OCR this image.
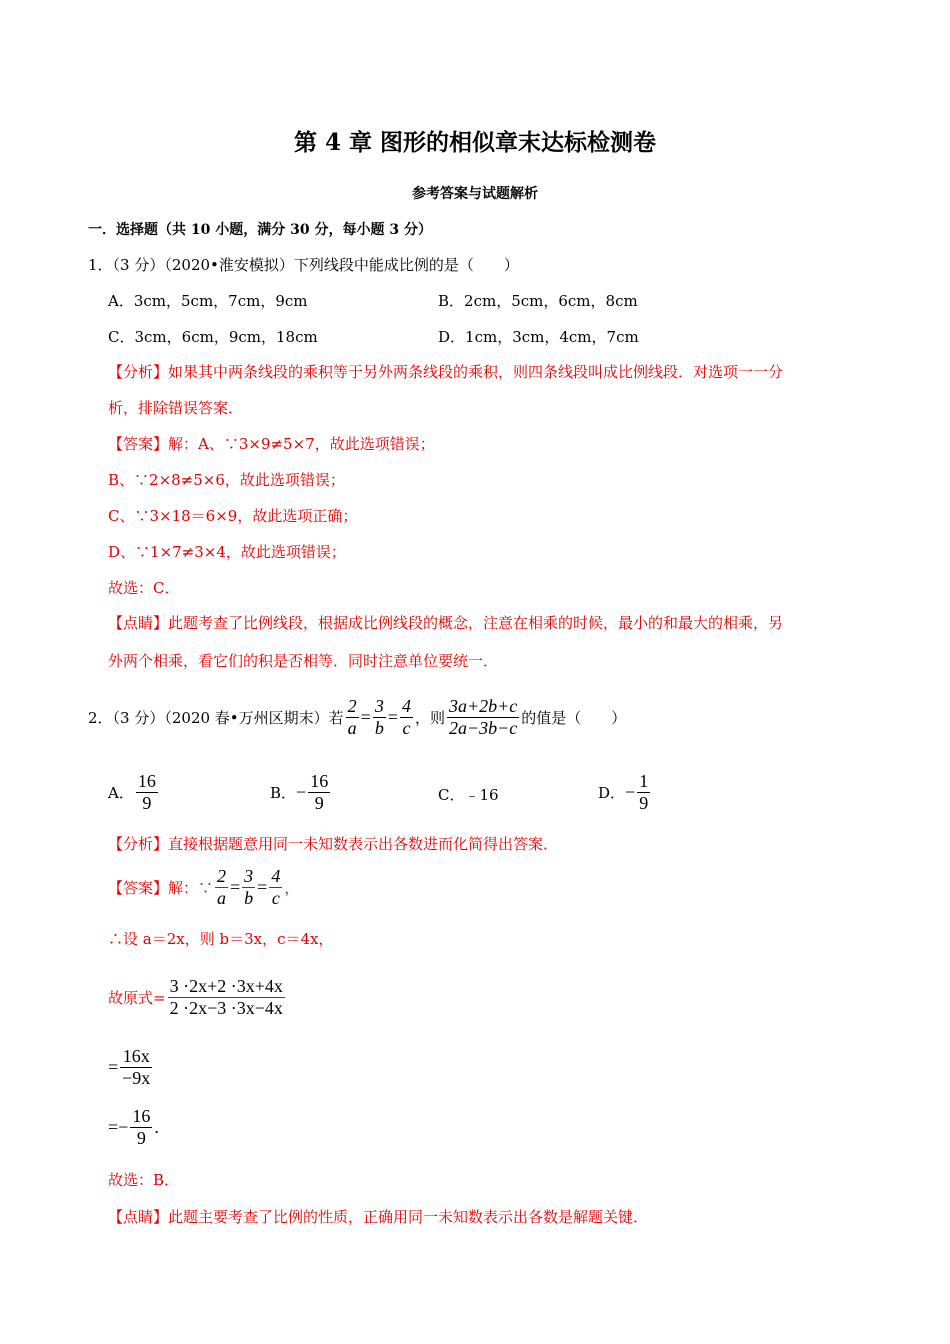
第 4 章 图形的相似章末达标检测卷
参考答案与试题解析
一．选择题（共 10 小题，满分 30 分，每小题 3 分）
1．（3 分）（2020•淮安模拟）下列线段中能成比例的是（　　）
A．3cm，5cm，7cm，9cm	B．2cm，5cm，6cm，8cm
C．3cm，6cm，9cm，18cm	D．1cm，3cm，4cm，7cm
【分析】如果其中两条线段的乘积等于另外两条线段的乘积，则四条线段叫成比例线段．对选项一一分
析，排除错误答案．
【答案】解：A、∵3×9≠5×7，故此选项错误；
B、∵2×8≠5×6，故此选项错误；
C、∵3×18＝6×9，故此选项正确；
D、∵1×7≠3×4，故此选项错误；
故选：C．
【点睛】此题考查了比例线段，根据成比例线段的概念，注意在相乘的时候，最小的和最大的相乘，另
外两个相乘，看它们的积是否相等．同时注意单位要统一．
2．（3 分）（2020 春•万州区期末）若 $\frac{2}{a} = \frac{3}{b} = \frac{4}{c}$ ，则 $\frac{3a+2b+c}{2a-3b-c}$ 的值是（　　）
A． $\frac{16}{9}$	B． − $\frac{16}{9}$	C．﹣16	D． − $\frac{1}{9}$
【分析】直接根据题意用同一未知数表示出各数进而化简得出答案．
【答案】解：∵ $\frac{2}{a} = \frac{3}{b} = \frac{4}{c}$ ，
∴设 a＝2x，则 b＝3x，c＝4x，
故原式= $\frac{3 \cdot 2x+2 \cdot 3x+4x}{2 \cdot 2x-3 \cdot 3x-4x}$
= $\frac{16x}{-9x}$
=− $\frac{16}{9}$ .
故选：B．
【点睛】此题主要考查了比例的性质，正确用同一未知数表示出各数是解题关键．
